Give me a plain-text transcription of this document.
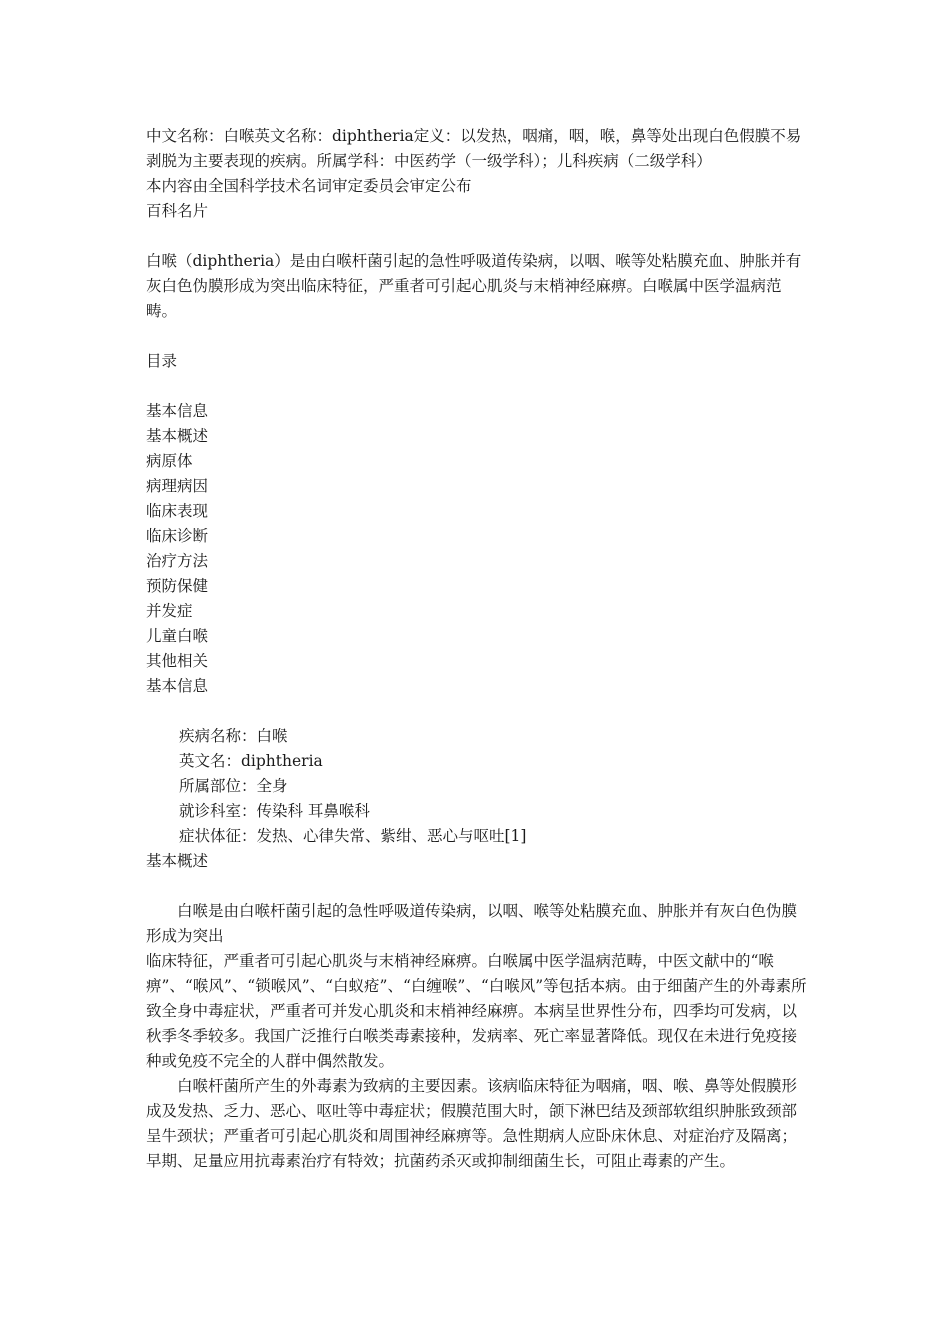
中文名称：白喉英文名称：diphtheria定义：以发热，咽痛，咽，喉，鼻等处出现白色假膜不易剥脱为主要表现的疾病。所属学科：中医药学（一级学科）；儿科疾病（二级学科）
本内容由全国科学技术名词审定委员会审定公布
百科名片
白喉（diphtheria）是由白喉杆菌引起的急性呼吸道传染病，以咽、喉等处粘膜充血、肿胀并有灰白色伪膜形成为突出临床特征，严重者可引起心肌炎与末梢神经麻痹。白喉属中医学温病范畴。
目录
基本信息
基本概述
病原体
病理病因
临床表现
临床诊断
治疗方法
预防保健
并发症
儿童白喉
其他相关
基本信息
疾病名称：白喉
英文名：diphtheria
所属部位：全身
就诊科室：传染科 耳鼻喉科
症状体征：发热、心律失常、紫绀、恶心与呕吐[1]
基本概述
白喉是由白喉杆菌引起的急性呼吸道传染病，以咽、喉等处粘膜充血、肿胀并有灰白色伪膜形成为突出
临床特征，严重者可引起心肌炎与末梢神经麻痹。白喉属中医学温病范畴，中医文献中的“喉痹”、“喉风”、“锁喉风”、“白蚁疮”、“白缠喉”、“白喉风”等包括本病。由于细菌产生的外毒素所致全身中毒症状，严重者可并发心肌炎和末梢神经麻痹。本病呈世界性分布，四季均可发病，以秋季冬季较多。我国广泛推行白喉类毒素接种，发病率、死亡率显著降低。现仅在未进行免疫接种或免疫不完全的人群中偶然散发。
白喉杆菌所产生的外毒素为致病的主要因素。该病临床特征为咽痛，咽、喉、鼻等处假膜形成及发热、乏力、恶心、呕吐等中毒症状；假膜范围大时，颌下淋巴结及颈部软组织肿胀致颈部呈牛颈状；严重者可引起心肌炎和周围神经麻痹等。急性期病人应卧床休息、对症治疗及隔离；早期、足量应用抗毒素治疗有特效；抗菌药杀灭或抑制细菌生长，可阻止毒素的产生。
